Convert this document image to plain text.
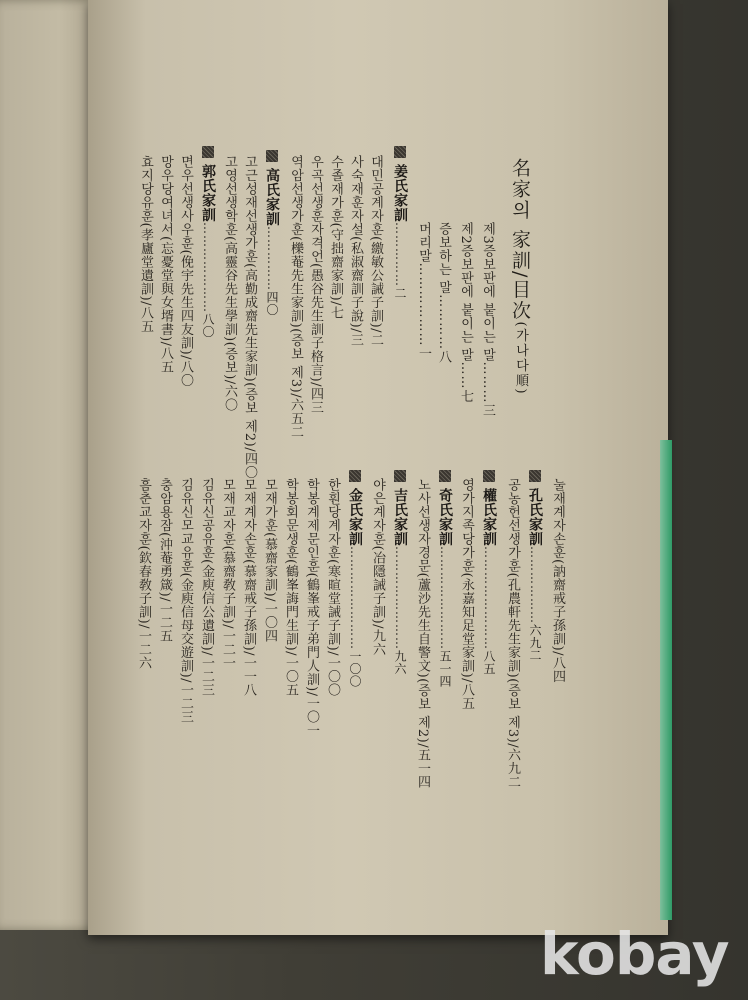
名家의 家訓/目次(가나다順)
제3증보판에 붙이는 말………三
제2증보판에 붙이는 말……七
증보하는 말…………八
머리말………………一
姜氏家訓……………二
대민공계자훈(繳敏公誡子訓)/二
사숙재훈자설(私淑齋訓子說)/三
수졸재가훈(守拙齋家訓)/七
우곡선생훈자격언(愚谷先生訓子格言)/四三
역암선생가훈(櫟菴先生家訓)(증보 제3)/六五二
高氏家訓……………四〇
고근성재선생가훈(高勤成齋先生家訓)(증보 제2)/四〇
고영선생학훈(高靈谷先生學訓)(증보)/六〇
郭氏家訓…………………八〇
면우선생사우훈(俛宇先生四友訓)/八〇
망우당여녀서(忘憂堂與女壻書)/八五
효지당유훈(孝廬堂遺訓)/八五
눌재계자손훈(訥齋戒子孫訓)/八四
孔氏家訓………………六九二
공농헌선생가훈(孔農軒先生家訓)(증보 제3)/六九二
權氏家訓……………………八五
영가지족당가훈(永嘉知足堂家訓)/八五
奇氏家訓……………………五一四
노사선생자경문(蘆沙先生自警文)(증보 제2)/五一四
吉氏家訓……………………九六
야은계자훈(冶隱誡子訓)/九六
金氏家訓……………………一〇〇
한훤당계자훈(寒暄堂誡子訓)/一〇〇
학봉계제문인훈(鶴峯戒子弟門人訓)/一〇一
학봉회문생훈(鶴峯誨門生訓)/一〇五
모재가훈(慕齋家訓)/一〇四
모재계자손훈(慕齋戒子孫訓)/一一八
모재교자훈(慕齋敎子訓)/一二一
김유신공유훈(金庾信公遺訓)/一二三
김유신모교유훈(金庾信母交遊訓)/一二三
충암용잠(沖菴勇箴)/一二五
흠춘교자훈(欽春敎子訓)/一二六
kobay
